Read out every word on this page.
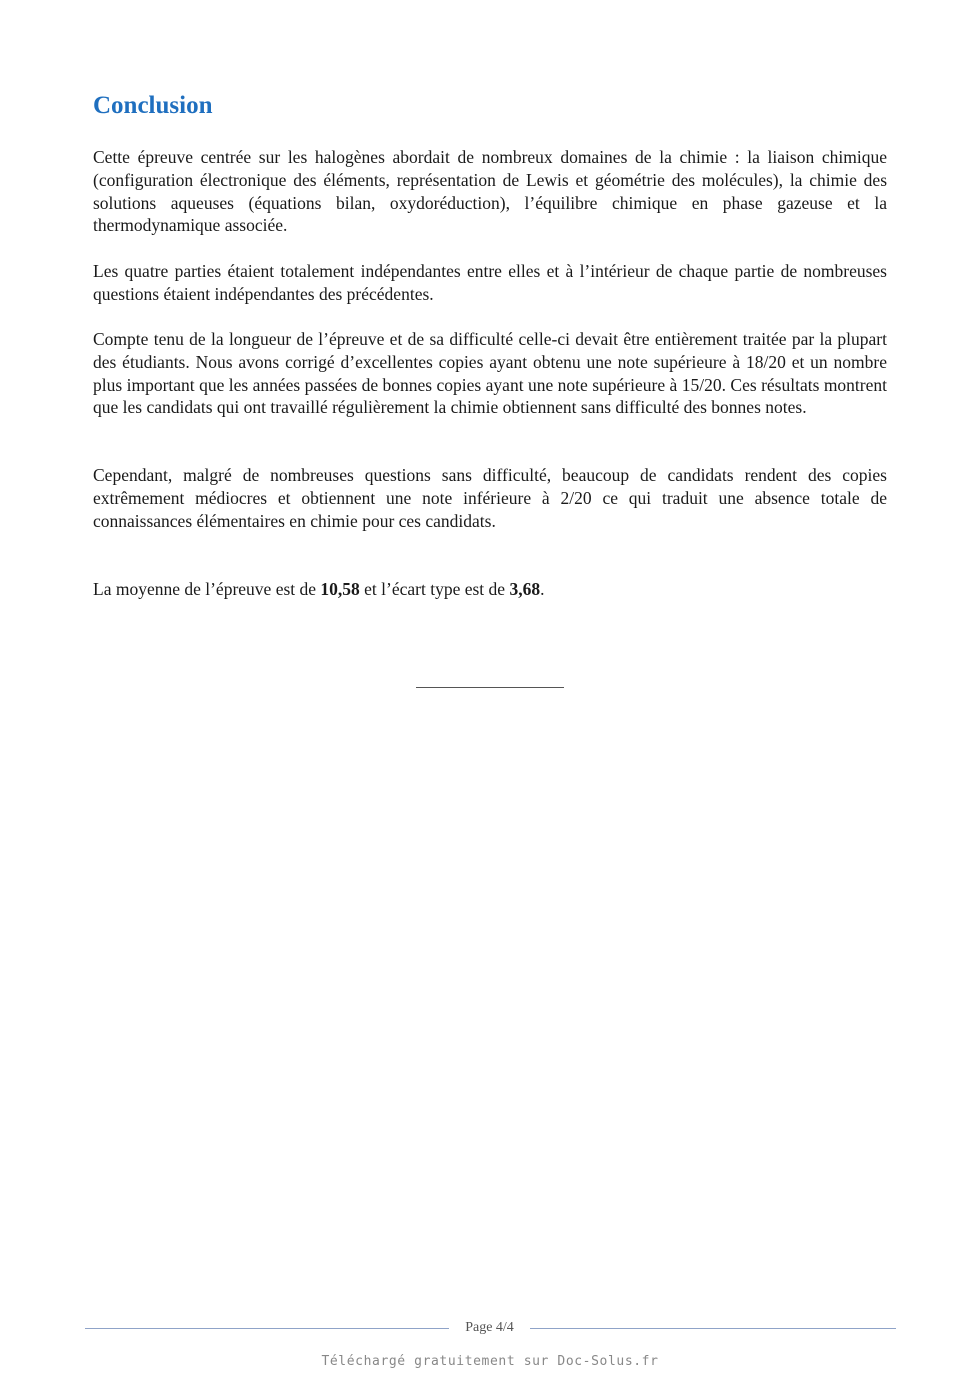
Conclusion

Cette épreuve centrée sur les halogènes abordait de nombreux domaines de la chimie : la liaison chimique (configuration électronique des éléments, représentation de Lewis et géométrie des molécules), la chimie des solutions aqueuses (équations bilan, oxydoréduction), l’équilibre chimique en phase gazeuse et la thermodynamique associée.

Les quatre parties étaient totalement indépendantes entre elles et à l’intérieur de chaque partie de nombreuses questions étaient indépendantes des précédentes.

Compte tenu de la longueur de l’épreuve et de sa difficulté celle-ci devait être entièrement traitée par la plupart des étudiants. Nous avons corrigé d’excellentes copies ayant obtenu une note supérieure à 18/20 et un nombre plus important que les années passées de bonnes copies ayant une note supérieure à 15/20. Ces résultats montrent que les candidats qui ont travaillé régulièrement la chimie obtiennent sans difficulté des bonnes notes.

Cependant, malgré de nombreuses questions sans difficulté, beaucoup de candidats rendent des copies extrêmement médiocres et obtiennent une note inférieure à 2/20 ce qui traduit une absence totale de connaissances élémentaires en chimie pour ces candidats.

La moyenne de l’épreuve est de 10,58 et l’écart type est de 3,68.

Page 4/4
Téléchargé gratuitement sur Doc-Solus.fr
